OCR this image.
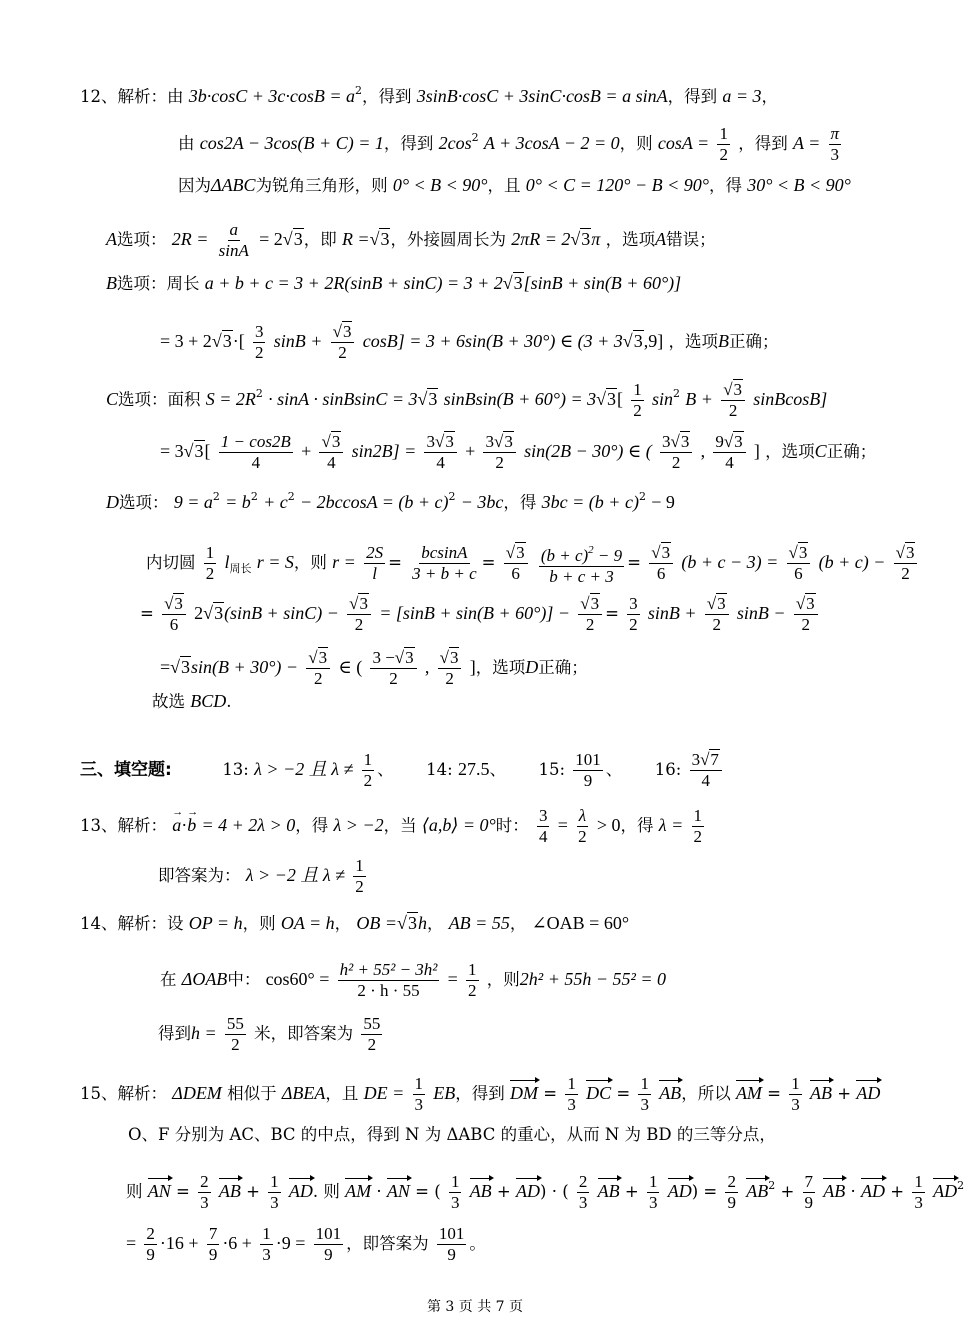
12、解析：由 $3b\cdot\cos C + 3c\cdot\cos B = a^2$，得到 3sinB·cosC + 3sinC·cosB = a sinA，得到 a = 3，
由 cos2A − 3cos(B + C) = 1，得到 $2\cos^2$ A + 3cosA − 2 = 0，则 $\cos A = \frac{1}{2}$ ，得到 $A = \frac{\pi}{3}$
因为ΔABC为锐角三角形，则 0° < B < 90°，且 0° < C = 120° − B < 90°，得 30° < B < 90°
A选项： $2R = \frac{a}{\sin A} = 2√$ 3，即 R =√ 3，外接圆周长为 2πR = 2√ 3π ，选项A错误；
B选项：周长 a + b + c = 3 + 2R(sinB + sinC) = 3 + 2√ 3[sinB + sin(B + 60°)]
= 3 + 2√ $3\cdot[ \frac{3}{2}$ sinB +
√ $\frac{3}{2} \cos B] = 3 + 6\sin(B + 30^\circ)$ ∈ (3 + 3√ 3,9] ，选项B正确；
C选项：面积 $S = 2R^2 \cdot \sin A$ · sinBsinC = 3√ 3 sinBsin(B + 60°) = 3√ $3[ \frac{1}{2} \sin^2 B$ +
√ $\frac{3}{2}$ sinBcosB]
= 3√ $3[ \frac{1 - \cos 2B}{4}$ +
√ $\frac{3}{4} \sin 2B] = \frac{3√ 3}{4} + \frac{3√ 3}{2} \sin(2B - 30^\circ)$ ∈ ( $\frac{3√ 3}{2}$ , $\frac{9√ 3}{4}$ ] ，选项C正确；
D选项： $9 = a^2 = b^2 + c^2 - 2bccosA = (b + c)^2 - 3bc$，得 $3bc = (b + c)^2 - 9$
内切圆 $\frac{1}{2} l_{周长}$ r = S，则 $r = \frac{2S}{l} = \frac{bcsinA}{3 + b + c}$ =
√ $\frac{3}{6}$
$\frac{(b + c)^2 - 9}{b + c + 3}$ =
√ $\frac{3}{6} (b + c - 3)$ =
√ $\frac{3}{6} (b + c)$ −
√ $\frac{3}{2}$
=
√ $\frac{3}{6} 2√$ 3(sinB + sinC) −
√ $\frac{3}{2} = [\sin B + \sin(B + 60^\circ)]$ −
√ $\frac{3}{2} = \frac{3}{2}$ sinB +
√ $\frac{3}{2}$ sinB −
√ $\frac{3}{2}$
=√ 3sin(B + 30°) −
√ $\frac{3}{2}$ ∈ ( $\frac{3 -√ 3}{2}$ ,
√ $\frac{3}{2}$ ]，选项D正确；
故选 BCD.
三、填空题:	13: λ > −2 且 $\lambda \ne \frac{1}{2}$ 、 14: 27.5、 15: $\frac{101}{9}$ 、 16: $\frac{3√ 7}{4}$
13、解析： → a·→ b = 4 + 2λ > 0，得 λ > −2，当 ⟨a,b⟩ = 0°时： $\frac{3}{4} = \frac{\lambda}{2} > 0$，得 $\lambda = \frac{1}{2}$
即答案为： λ > −2 且 $\lambda \ne \frac{1}{2}$
14、解析：设 OP = h，则 OA = h， OB =√ 3h， AB = 55， ∠OAB = 60°
在 ΔOAB中： $\cos 60^\circ = \frac{\text{h² + 55² − 3h²}}{2 \cdot h \cdot 55} = \frac{1}{2}$ ，则2h² + 55h − 55² = 0
得到$h = \frac{55}{2}$ 米，即答案为 $\frac{55}{2}$
15、解析： ΔDEM 相似于 ΔBEA，且 DE = $\frac{1}{3}$ EB，得到 DM = $\frac{1}{3}$ DC = $\frac{1}{3}$ AB，所以 AM = $\frac{1}{3}$ AB + AD
O、F 分别为 AC、BC 的中点，得到 N 为 ΔABC 的重心，从而 N 为 BD 的三等分点，
则 AN = $\frac{2}{3}$ AB + $\frac{1}{3}$ AD. 则 AM · AN = ( $\frac{1}{3}$ AB + AD) · ( $\frac{2}{3}$ AB + $\frac{1}{3} AD) = \frac{2}{9} AB^2 + \frac{7}{9}$ AB · AD + $\frac{1}{3} AD^2$
= $\frac{2}{9} \cdot 16 + \frac{7}{9} \cdot 6 + \frac{1}{3} \cdot 9 = \frac{101}{9}$ ，即答案为 $\frac{101}{9}$ 。
第 3 页 共 7 页
